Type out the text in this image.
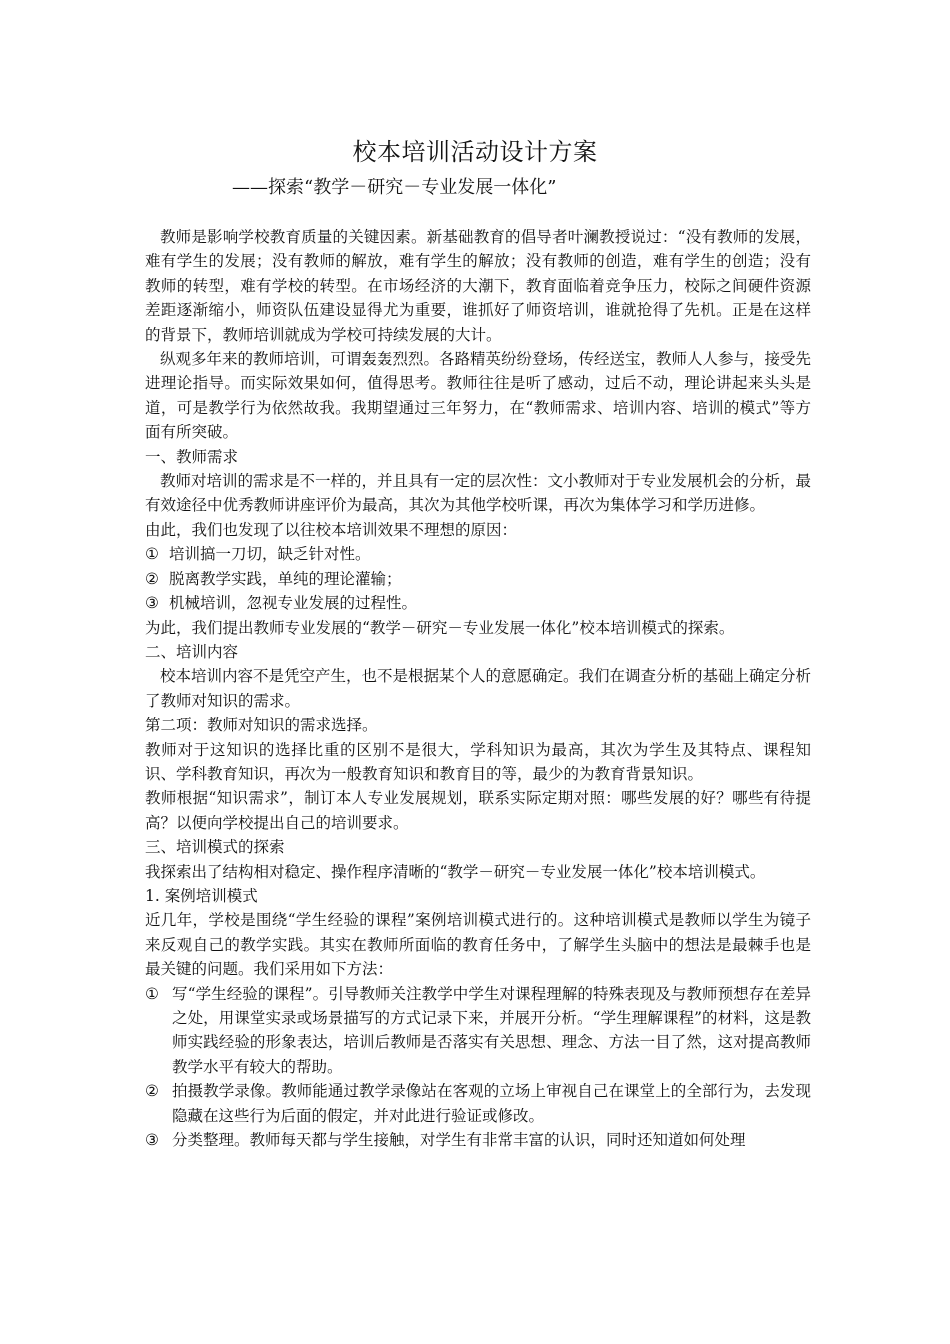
校本培训活动设计方案
——探索“教学－研究－专业发展一体化”

教师是影响学校教育质量的关键因素。新基础教育的倡导者叶澜教授说过：“没有教师的发展，难有学生的发展；没有教师的解放，难有学生的解放；没有教师的创造，难有学生的创造；没有教师的转型，难有学校的转型。在市场经济的大潮下，教育面临着竞争压力，校际之间硬件资源差距逐渐缩小，师资队伍建设显得尤为重要，谁抓好了师资培训，谁就抢得了先机。正是在这样的背景下，教师培训就成为学校可持续发展的大计。

纵观多年来的教师培训，可谓轰轰烈烈。各路精英纷纷登场，传经送宝，教师人人参与，接受先进理论指导。而实际效果如何，值得思考。教师往往是听了感动，过后不动，理论讲起来头头是道，可是教学行为依然故我。我期望通过三年努力，在“教师需求、培训内容、培训的模式”等方面有所突破。

一、教师需求

教师对培训的需求是不一样的，并且具有一定的层次性：文小教师对于专业发展机会的分析，最有效途径中优秀教师讲座评价为最高，其次为其他学校听课，再次为集体学习和学历进修。

由此，我们也发现了以往校本培训效果不理想的原因：

① 培训搞一刀切，缺乏针对性。
② 脱离教学实践，单纯的理论灌输；
③ 机械培训，忽视专业发展的过程性。

为此，我们提出教师专业发展的“教学－研究－专业发展一体化”校本培训模式的探索。

二、培训内容

校本培训内容不是凭空产生，也不是根据某个人的意愿确定。我们在调查分析的基础上确定分析了教师对知识的需求。

第二项：教师对知识的需求选择。

教师对于这知识的选择比重的区别不是很大，学科知识为最高，其次为学生及其特点、课程知识、学科教育知识，再次为一般教育知识和教育目的等，最少的为教育背景知识。

教师根据“知识需求”，制订本人专业发展规划，联系实际定期对照：哪些发展的好？哪些有待提高？以便向学校提出自己的培训要求。

三、培训模式的探索

我探索出了结构相对稳定、操作程序清晰的“教学－研究－专业发展一体化”校本培训模式。

1. 案例培训模式

近几年，学校是围绕“学生经验的课程”案例培训模式进行的。这种培训模式是教师以学生为镜子来反观自己的教学实践。其实在教师所面临的教育任务中，了解学生头脑中的想法是最棘手也是最关键的问题。我们采用如下方法：

① 写“学生经验的课程”。引导教师关注教学中学生对课程理解的特殊表现及与教师预想存在差异之处，用课堂实录或场景描写的方式记录下来，并展开分析。“学生理解课程”的材料，这是教师实践经验的形象表达，培训后教师是否落实有关思想、理念、方法一目了然，这对提高教师教学水平有较大的帮助。
② 拍摄教学录像。教师能通过教学录像站在客观的立场上审视自己在课堂上的全部行为，去发现隐藏在这些行为后面的假定，并对此进行验证或修改。
③ 分类整理。教师每天都与学生接触，对学生有非常丰富的认识，同时还知道如何处理
